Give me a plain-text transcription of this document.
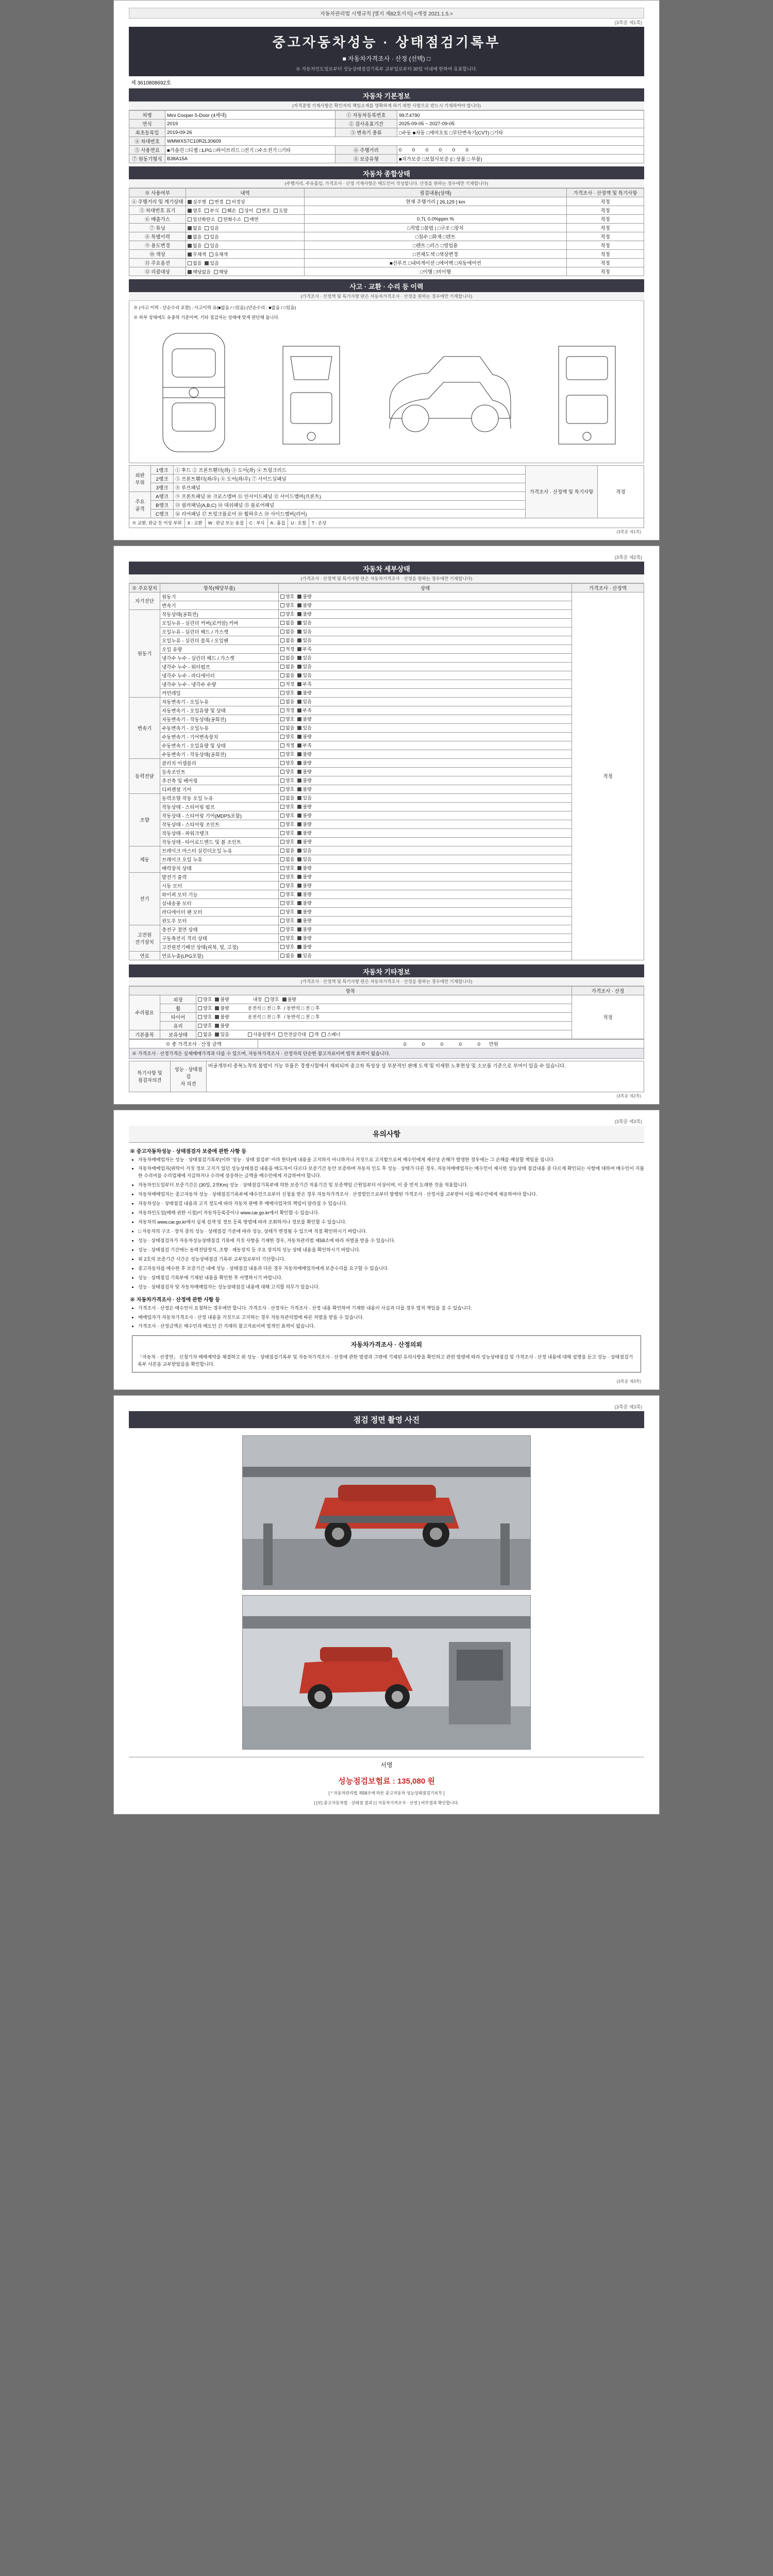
자동차관리법 시행규칙 [별지 제82호서식] <개정 2021.1.5.>
(3쪽중 제1쪽)
중고자동차성능 · 상태점검기록부
■ 자동차가격조사 · 산정 (선택) □
※ 자동차인도일로부터 성능상태점검기록부 교부일로부터 30일 이내에 한하여 유효합니다.
제 3610808692호
자동차 기본정보
(자격증명 기재사항은 확인자의 책임소재를 명확하게 하기 위한 사항으로 반드시 기재하여야 합니다)
차명	Mini Cooper 5-Door (4세대)	① 자동차등록번호	99조4790
연식	2019	② 검사유효기간	2025-09-05 ~ 2027-09-05
최초등록일	2019-09-26	③ 변속기 종류	□수동 ■자동 □세미오토 □무단변속기(CVT) □기타
④ 차대번호	WMWXS7C10R2L30609		
⑤ 사용연료	■가솔린 □디젤 □LPG □하이브리드 □전기 □수소전기 □기타	⑥ 주행거리	0 0 0 0 0 0
⑦ 원동기형식	B38A15A	⑧ 보증유형	■자가보증 □보험사보증 (□ 상품 □ 부품)
자동차 종합상태
(주행거리, 주유흡입, 가격조사 · 산정 기재사항은 매도인이 작성합니다. 산정을 원하는 경우에만 기재합니다)
※ 사용여부	내역	점검내용(상태)	가격조사 · 산정액 및 특기사항
④ 주행거리 및 계기상태	실주행 변경 비정상	현재 주행거리 [ 26,129 ] km	적정
⑤ 차대번호 표기	양호 부식 훼손 상이 변조 도말		적정
⑥ 배출가스	일산화탄소 탄화수소 매연	0.7L 0.0%ppm %	적정
⑦ 튜닝	없음 있음	□적법 □불법 | □구조 □장치	적정
⑧ 특별이력	없음 있음	□침수 □화재 □덴트	적정
⑨ 용도변경	없음 있음	□렌트 □리스 □영업용	적정
⑩ 색상	무채색 유채색	□전체도색 □색상변경	적정
⑪ 주요옵션	없음 있음	■선루프 □내비게이션 □에어백 □자동에어컨	적정
⑫ 리콜대상	해당없음 해당	□이행 □미이행	적정
사고 · 교환 · 수리 등 이력
(가격조사 · 산정액 및 특기사항 란은 자동차가격조사 · 산정을 원하는 경우에만 기재합니다)
※ (사고 이력 - 단순수리 포함) : 사고이력 유(■없음 / □있음) (단순수리 : ■없음 / □있음)
※ 하부 상태에도 유충력 기준이며, 기타 점검자는 상태에 맞게 판단해 둡니다.
외판
부위	1랭크	① 후드 ② 프론트휀더(좌) ③ 도어(좌) ④ 트렁크리드	가격조사 · 산정액 및 특기사항	적정
	2랭크	⑤ 프론트휀더(좌/우) ⑥ 도어(좌/우) ⑦ 사이드실패널		
	3랭크	⑧ 루프패널		
주요
골격	A랭크	⑨ 프론트패널 ⑩ 크로스멤버 ⑪ 인사이드패널 ⑫ 사이드멤버(프론트)		
	B랭크	⑬ 필러패널(A,B,C) ⑭ 대쉬패널 ⑮ 플로어패널		
	C랭크	⑯ 리어패널 ⑰ 트렁크플로어 ⑱ 휠하우스 ⑲ 사이드멤버(리어)		
※ 교환, 판금 등 이상 부위	X : 교환	W : 판금 또는 용접	C : 부식	A : 흠집	U : 요철	T : 손상
(3쪽중 제1쪽)
(3쪽중 제2쪽)
자동차 세부상태
(가격조사 · 산정액 및 특기사항 란은 자동차가격조사 · 산정을 원하는 경우에만 기재합니다)
※ 주요장치	항목(해당부품)	상태	가격조사 · 산정액
자기진단	원동기	양호 불량	적정
	변속기	양호 불량	
원동기	작동상태(공회전)	양호 불량	
	오일누유 - 실린더 커버(로커암) 커버	없음 있음	
	오일누유 - 실린더 헤드 / 가스켓	없음 있음	
	오일누유 - 실린더 블록 / 오일팬	없음 있음	
	오일 유량	적정 부족	
	냉각수 누수 - 실린더 헤드 / 가스켓	없음 있음	
	냉각수 누수 - 워터펌프	없음 있음	
	냉각수 누수 - 라디에이터	없음 있음	
	냉각수 누수 - 냉각수 수량	적정 부족	
	커먼레일	양호 불량	
변속기	자동변속기 - 오일누유	없음 있음	
	자동변속기 - 오일유량 및 상태	적정 부족	
	자동변속기 - 작동상태(공회전)	양호 불량	
	수동변속기 - 오일누유	없음 있음	
	수동변속기 - 기어변속장치	양호 불량	
	수동변속기 - 오일유량 및 상태	적정 부족	
	수동변속기 - 작동상태(공회전)	양호 불량	
동력전달	클러치 어셈블리	양호 불량	
	등속조인트	양호 불량	
	추진축 및 베어링	양호 불량	
	디퍼렌셜 기어	양호 불량	
조향	동력조향 작동 오일 누유	없음 있음	
	작동상태 - 스티어링 펌프	양호 불량	
	작동상태 - 스티어링 기어(MDPS포함)	양호 불량	
	작동상태 - 스티어링 조인트	양호 불량	
	작동상태 - 파워크랭크	양호 불량	
	작동상태 - 타이로드엔드 및 볼 조인트	양호 불량	
제동	브레이크 마스터 실린더오일 누유	없음 있음	
	브레이크 오일 누유	없음 있음	
	배력장치 상태	양호 불량	
전기	발전기 출력	양호 불량	
	시동 모터	양호 불량	
	와이퍼 모터 기능	양호 불량	
	실내송풍 모터	양호 불량	
	라디에이터 팬 모터	양호 불량	
	윈도우 모터	양호 불량	
고전원
전기장치	충전구 절연 상태	양호 불량	
	구동축전지 격리 상태	양호 불량	
	고전원전기배선 상태(피복, 빛, 고정)	양호 불량	
연료	연료누출(LPG포함)	없음 있음	
자동차 기타정보
(가격조사 · 산정액 및 특기사항 란은 자동차가격조사 · 산정을 원하는 경우에만 기재합니다)
항목			가격조사 · 산정
수리필요	외장	양호 불량 내장 양호 불량	적정
	휠	양호 불량 운전석 □ 전 □ 후 / 동반석 □ 전 □ 후	
	타이어	양호 불량 운전석 □ 전 □ 후 / 동반석 □ 전 □ 후	
	유리	양호 불량	
기본품목	보유상태	없음 있음 사용설명서 안전삼각대 잭 스패너	
※ 총 가격조사 · 산정 금액	0 0 0 0 0 만원
※ 가격조사 · 산정가격은 실제매매가격과 다를 수 있으며, 자동차가격조사 · 산정자의 단순한 참고자료이며 법적 효력이 없습니다.
특기사항 및
점검자의견	성능 · 상태점검
자 의견	비공개부터 중복노착의 불법이 가능 부품은 경쟁시험에서 제외되며 중고차 특성상 상 부분적인 판매 도색 및 미세한 노후현상 및 소모품 기준으로 부여이 있을 수 있습니다.
(3쪽중 제2쪽)
(3쪽중 제3쪽)
유의사항
※ 중고자동차성능 · 상태점검자 보증에 관한 사항 등
• 자동차매매업자는 성능 · 상태점검기록부(이하 '성능 · 상태 점검부' 이라 한다)에 내용을 고지하지 아니하거나 거짓으로 고지함으로써 매수인에게 재산상 손해가 발생한 경우에는 그 손해를 배상할 책임을 집니다.
• 자동차매매업자(위탁이 거짓 정보 고지가 있던 성능상태점검 내용을 매도자이 다르다 보증기간 동안 보증하며 자동차 인도 후 성능 · 상태가 다른 경우, 자동차매매업자는 매수인이 제시한 성능상태 점검내용 중 다르게 확인되는 사항에 대하여 매수인이 지불한 수리비를 수리업체에 지급하거나 수리에 상응하는 금액을 매수인에게 지급하여야 합니다.
• 자동차인도일부터 보증기간은 (30일, 2천Km) 성능 · 상태점검기록부에 의한 보증기간 적용기간 및 보증책임 근원일부터 이상이며, 이 중 먼저 도래한 것을 적용합니다.
• 자동차매매업자는 중고자동차 성능 · 상태점검기록부에 매수인으로부터 신청을 받은 경우 자동차가격조사 · 산정법인으로부터 발행된 가격조사 · 산정서를 교부받아 이를 매수인에게 제공하여야 합니다.
• 자동차성능 · 상태점검 내용과 고지 정도에 따라 자동차 판매 후 매매사업자의 책임이 달라질 수 있습니다.
• 자동차인도일(매매 권한 시점)이 자동차등록증이나 www.car.go.kr에서 확인할 수 있습니다.
• 자동차의 www.car.go.kr에서 실제 검색 및 정보 등록 방법에 따라 조회하거나 정보를 확인할 수 있습니다.
• □ 자동차의 구조 · 장치 중의 성능 · 상태점검 기준에 따라 성능, 상태가 변경될 수 있으며 직접 확인하시기 바랍니다.
• 성능 · 상태점검자가 자동차성능상태점검 기록에 거짓 사항을 기재한 경우, 자동차관리법 제58조에 따라 처벌을 받을 수 있습니다.
• 성능 · 상태점검 기간에는 동력전달장치, 조향 · 제동장치 등 주요 장치의 성능 상태 내용을 확인하시기 바랍니다.
• 위 2호의 보증기간 시간은 성능상태점검 기록부 교부일로부터 기산합니다.
• 중고자동차를 매수한 후 보증기간 내에 성능 · 상태점검 내용과 다른 경우 자동차매매업자에게 보증수리를 요구할 수 있습니다.
• 성능 · 상태점검 기록부에 기재된 내용을 확인한 후 서명하시기 바랍니다.
• 성능 · 상태점검자 및 자동차매매업자는 성능상태점검 내용에 대해 고지할 의무가 있습니다.
※ 자동차가격조사 · 산정에 관한 사항 등
• 가격조사 · 산정은 매수인이 요청하는 경우에만 합니다. 가격조사 · 산정자는 가격조사 · 산정 내용 확인하여 기재한 내용이 사실과 다를 경우 법적 책임을 질 수 있습니다.
• 매매업자가 자동차가격조사 · 산정 내용을 거짓으로 고지하는 경우 자동차관리법에 따른 처벌을 받을 수 있습니다.
• 가격조사 · 산정금액은 매수인과 매도인 간 거래의 참고자료이며 법적인 효력이 없습니다.
자동차가격조사 · 산정의뢰
「자동차 · 산정연」 신청기자 매매계약을 체결하고 위 성능 · 상태점검기록부 및 자동차가격조사 · 산정에 관한 법령과 그밖에 기재된 유의사항을 확인하고 관련 법령에 따라 성능상태점검 및 가격조사 · 산정 내용에 대해 설명을 듣고 성능 · 상태점검기록부 사본을 교부받았음을 확인합니다.
(3쪽중 제3쪽)
(3쪽중 제3쪽)
점검 정면 촬영 사진
서명
성능점검보험료 : 135,080 원
[ * 자동차관리법 제58조에 따른 중고자동차 성능상태점검기록부 ]
[ [보] 중고자동차법 · 상태점 결과 ] [ 자동차가격조사 · 산정 ] 여부결과 확인합니다.
